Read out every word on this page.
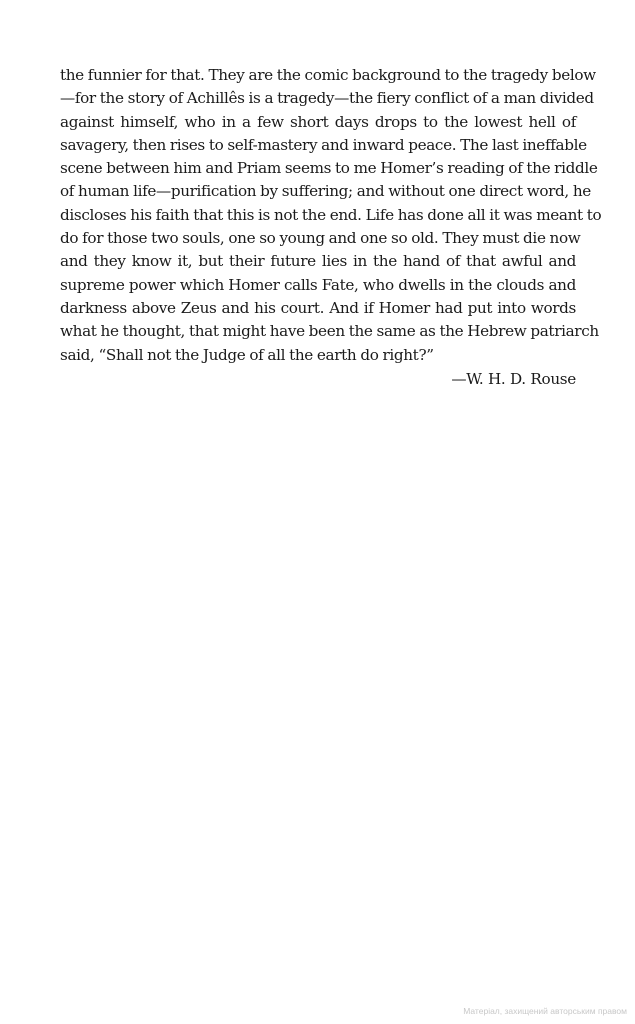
the funnier for that. They are the comic background to the tragedy below
—for the story of Achillês is a tragedy—the fiery conflict of a man divided
against himself, who in a few short days drops to the lowest hell of
savagery, then rises to self-mastery and inward peace. The last ineffable
scene between him and Priam seems to me Homer’s reading of the riddle
of human life—purification by suffering; and without one direct word, he
discloses his faith that this is not the end. Life has done all it was meant to
do for those two souls, one so young and one so old. They must die now
and they know it, but their future lies in the hand of that awful and
supreme power which Homer calls Fate, who dwells in the clouds and
darkness above Zeus and his court. And if Homer had put into words
what he thought, that might have been the same as the Hebrew patriarch
said, “Shall not the Judge of all the earth do right?”
—W. H. D. Rouse
Матеріал, захищений авторським правом
